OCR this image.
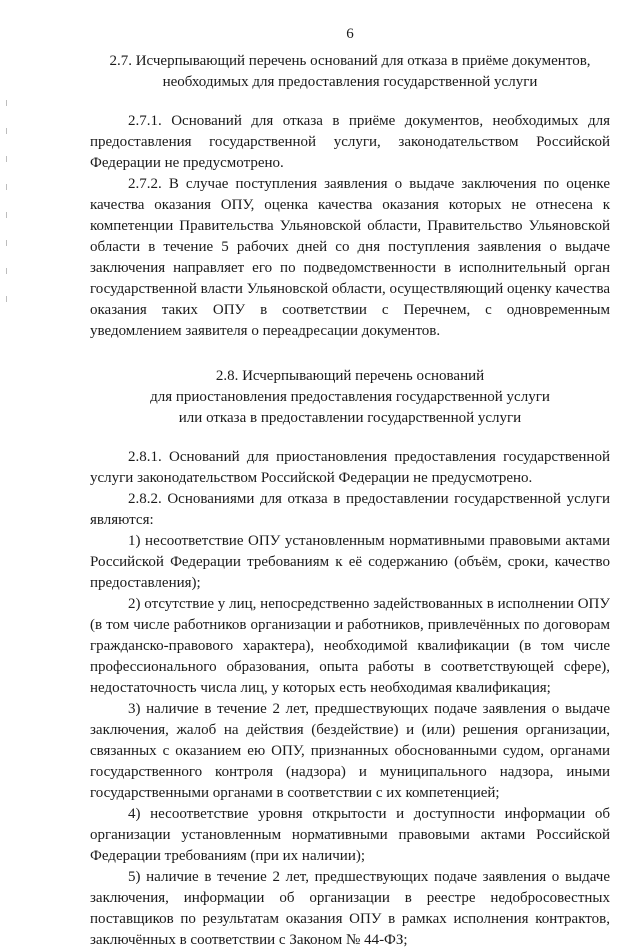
6

2.7. Исчерпывающий перечень оснований для отказа в приёме документов,

необходимых для предоставления государственной услуги

2.7.1. Оснований для отказа в приёме документов, необходимых для предоставления государственной услуги, законодательством Российской Федерации не предусмотрено.

2.7.2. В случае поступления заявления о выдаче заключения по оценке качества оказания ОПУ, оценка качества оказания которых не отнесена к компетенции Правительства Ульяновской области, Правительство Ульяновской области в течение 5 рабочих дней со дня поступления заявления о выдаче заключения направляет его по подведомственности в исполнительный орган государственной власти Ульяновской области, осуществляющий оценку качества оказания таких ОПУ в соответствии с Перечнем, с одновременным уведомлением заявителя о переадресации документов.

2.8. Исчерпывающий перечень оснований

для приостановления предоставления государственной услуги

или отказа в предоставлении государственной услуги

2.8.1. Оснований для приостановления предоставления государственной услуги законодательством Российской Федерации не предусмотрено.

2.8.2. Основаниями для отказа в предоставлении государственной услуги являются:

1) несоответствие ОПУ установленным нормативными правовыми актами Российской Федерации требованиям к её содержанию (объём, сроки, качество предоставления);

2) отсутствие у лиц, непосредственно задействованных в исполнении ОПУ (в том числе работников организации и работников, привлечённых по договорам гражданско-правового характера), необходимой квалификации (в том числе профессионального образования, опыта работы в соответствующей сфере), недостаточность числа лиц, у которых есть необходимая квалификация;

3) наличие в течение 2 лет, предшествующих подаче заявления о выдаче заключения, жалоб на действия (бездействие) и (или) решения организации, связанных с оказанием ею ОПУ, признанных обоснованными судом, органами государственного контроля (надзора) и муниципального надзора, иными государственными органами в соответствии с их компетенцией;

4) несоответствие уровня открытости и доступности информации об организации установленным нормативными правовыми актами Российской Федерации требованиям (при их наличии);

5) наличие в течение 2 лет, предшествующих подаче заявления о выдаче заключения, информации об организации в реестре недобросовестных поставщиков по результатам оказания ОПУ в рамках исполнения контрактов, заключённых в соответствии с Законом № 44-ФЗ;
